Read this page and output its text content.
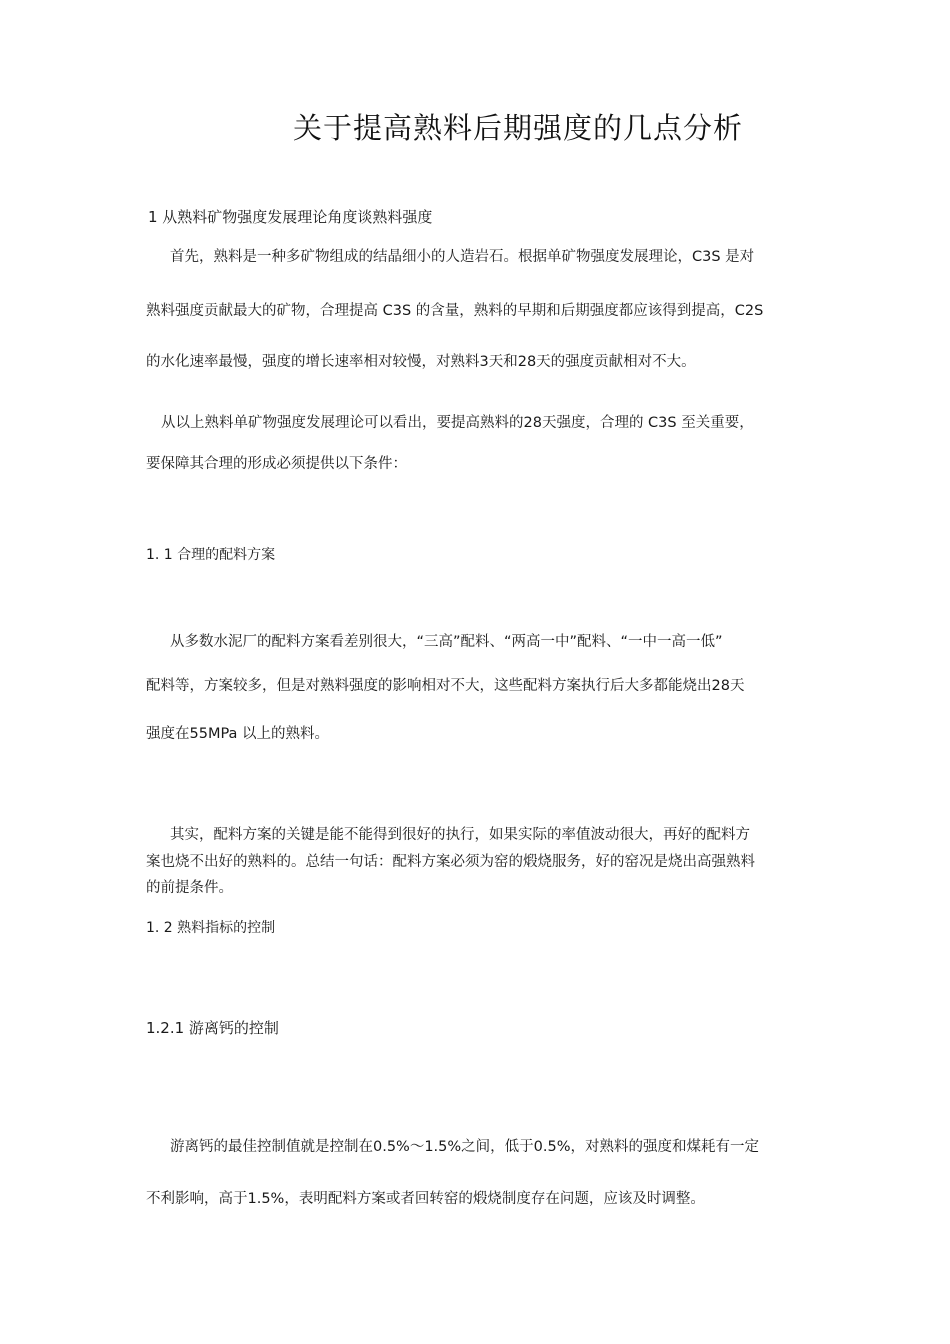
关于提高熟料后期强度的几点分析

1 从熟料矿物强度发展理论角度谈熟料强度

首先，熟料是一种多矿物组成的结晶细小的人造岩石。根据单矿物强度发展理论，C3S 是对

熟料强度贡献最大的矿物，合理提高 C3S 的含量，熟料的早期和后期强度都应该得到提高，C2S

的水化速率最慢，强度的增长速率相对较慢，对熟料3天和28天的强度贡献相对不大。

从以上熟料单矿物强度发展理论可以看出，要提高熟料的28天强度，合理的 C3S 至关重要，

要保障其合理的形成必须提供以下条件：

1. 1 合理的配料方案

从多数水泥厂的配料方案看差别很大，“三高”配料、“两高一中”配料、“一中一高一低”

配料等，方案较多，但是对熟料强度的影响相对不大，这些配料方案执行后大多都能烧出28天

强度在55MPa 以上的熟料。

其实，配料方案的关键是能不能得到很好的执行，如果实际的率值波动很大，再好的配料方

案也烧不出好的熟料的。总结一句话：配料方案必须为窑的煅烧服务，好的窑况是烧出高强熟料

的前提条件。

1. 2 熟料指标的控制

1.2.1 游离钙的控制

游离钙的最佳控制值就是控制在0.5%～1.5%之间，低于0.5%，对熟料的强度和煤耗有一定

不利影响，高于1.5%，表明配料方案或者回转窑的煅烧制度存在问题，应该及时调整。
